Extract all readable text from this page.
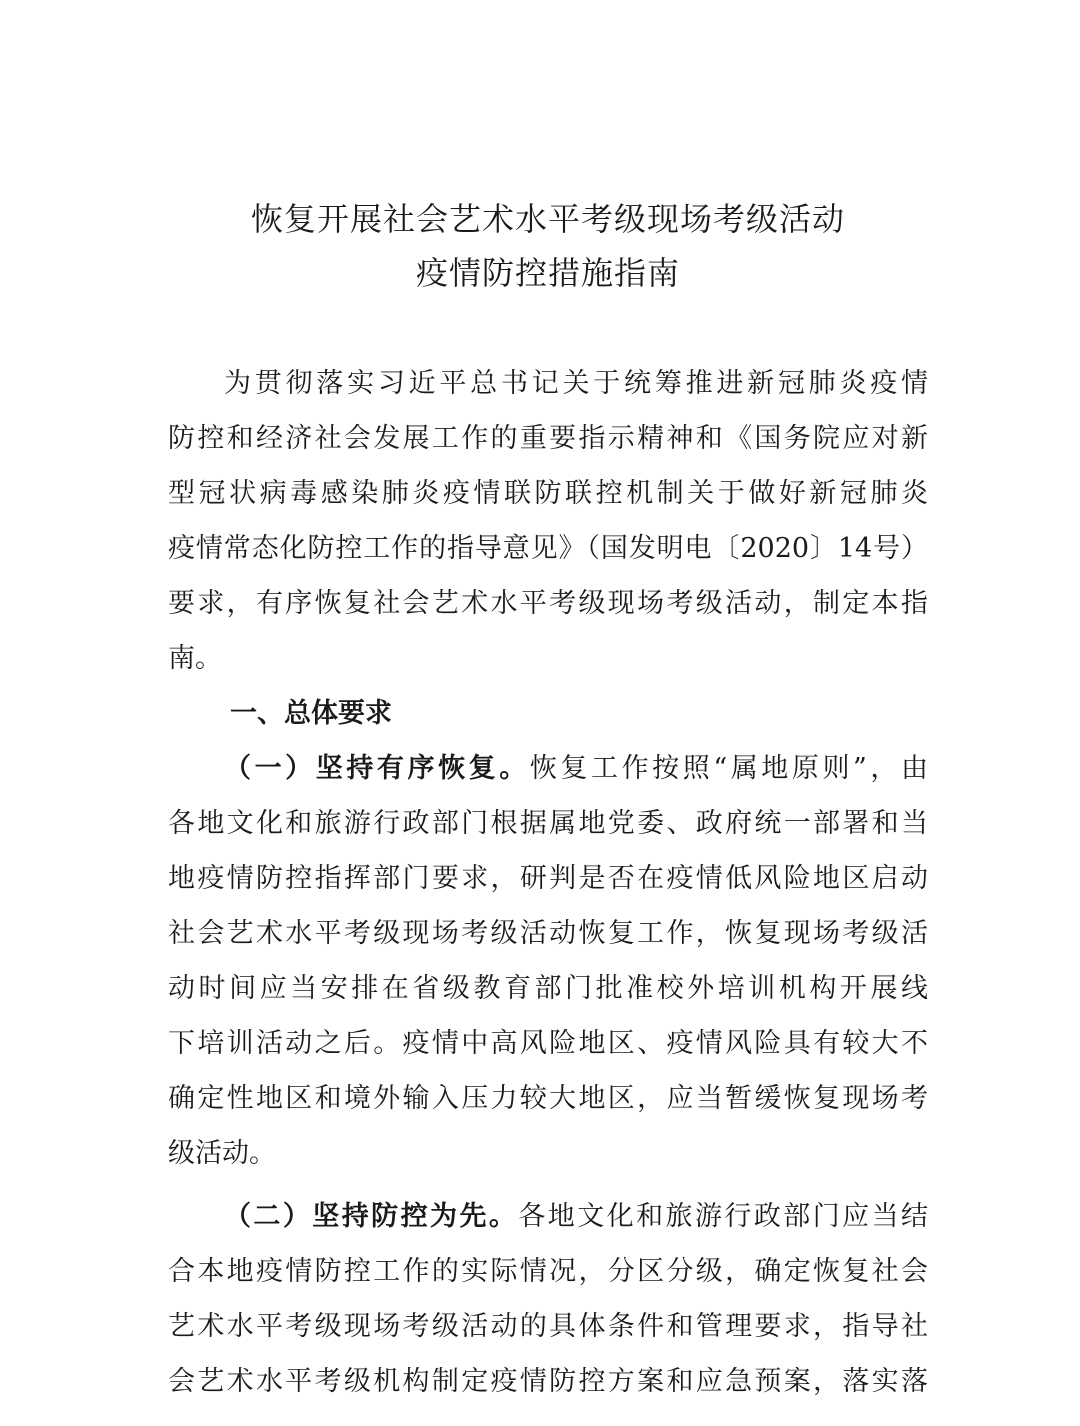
恢复开展社会艺术水平考级现场考级活动
疫情防控措施指南
为贯彻落实习近平总书记关于统筹推进新冠肺炎疫情
防控和经济社会发展工作的重要指示精神和《国务院应对新
型冠状病毒感染肺炎疫情联防联控机制关于做好新冠肺炎
疫情常态化防控工作的指导意见》（国发明电〔2020〕14号）
要求，有序恢复社会艺术水平考级现场考级活动，制定本指
南。
一、总体要求
（一）坚持有序恢复。恢复工作按照“属地原则”，由
各地文化和旅游行政部门根据属地党委、政府统一部署和当
地疫情防控指挥部门要求，研判是否在疫情低风险地区启动
社会艺术水平考级现场考级活动恢复工作，恢复现场考级活
动时间应当安排在省级教育部门批准校外培训机构开展线
下培训活动之后。疫情中高风险地区、疫情风险具有较大不
确定性地区和境外输入压力较大地区，应当暂缓恢复现场考
级活动。
（二）坚持防控为先。各地文化和旅游行政部门应当结
合本地疫情防控工作的实际情况，分区分级，确定恢复社会
艺术水平考级现场考级活动的具体条件和管理要求，指导社
会艺术水平考级机构制定疫情防控方案和应急预案，落实落
